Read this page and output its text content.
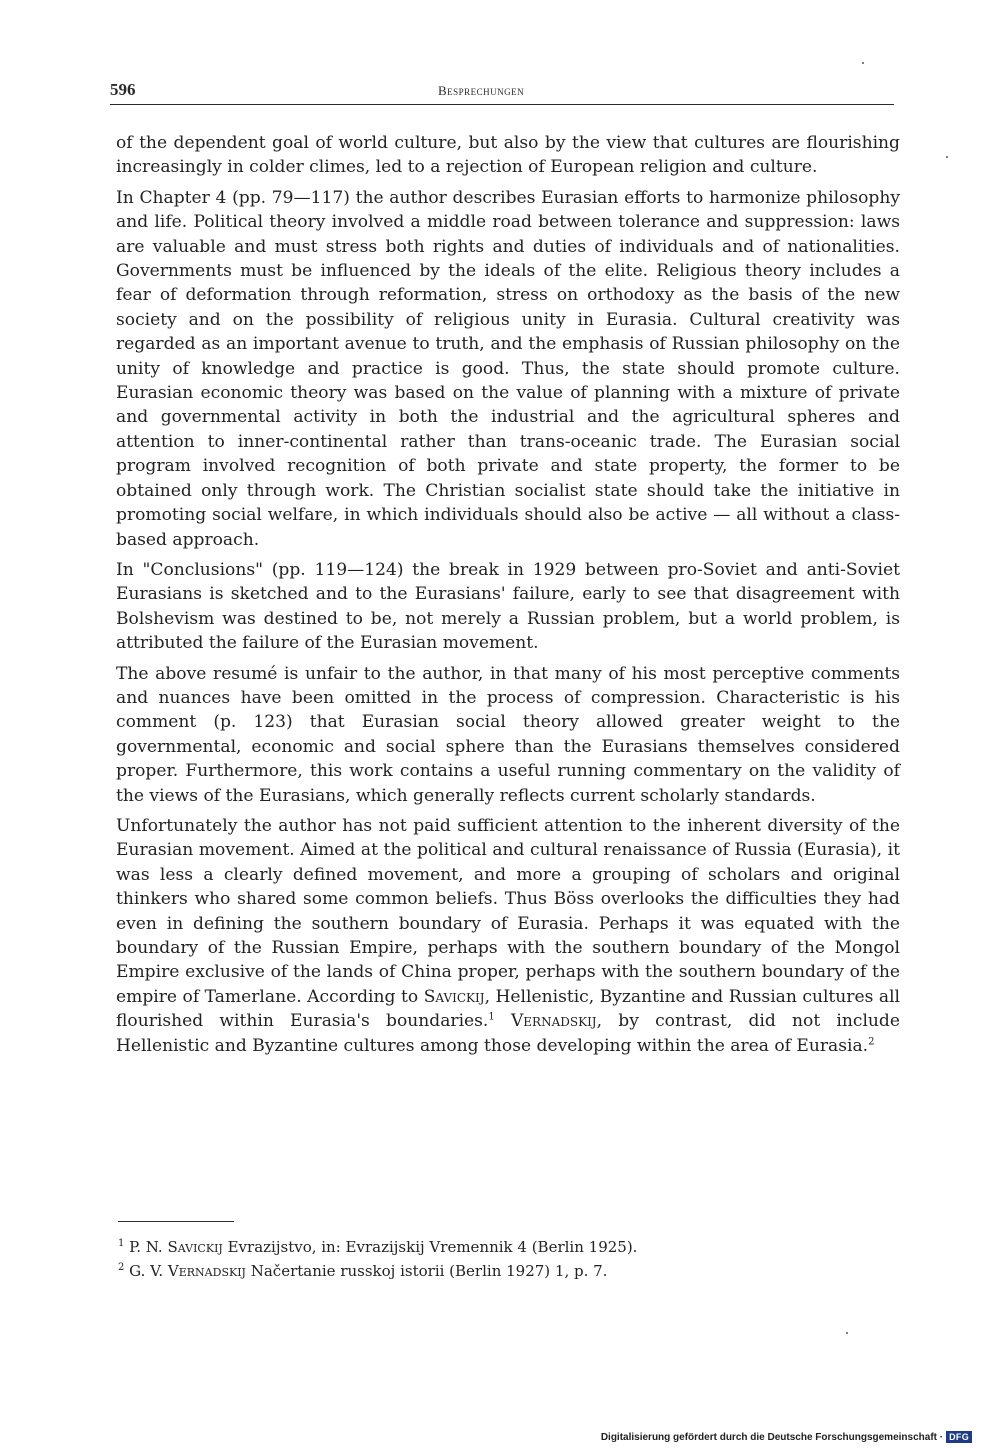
596	Besprechungen

of the dependent goal of world culture, but also by the view that cultures are flourishing increasingly in colder climes, led to a rejection of European religion and culture.

In Chapter 4 (pp. 79—117) the author describes Eurasian efforts to harmonize philosophy and life. Political theory involved a middle road between tolerance and suppression: laws are valuable and must stress both rights and duties of individuals and of nationalities. Governments must be influenced by the ideals of the elite. Religious theory includes a fear of deformation through reformation, stress on orthodoxy as the basis of the new society and on the possibility of religious unity in Eurasia. Cultural creativity was regarded as an important avenue to truth, and the emphasis of Russian philosophy on the unity of knowledge and practice is good. Thus, the state should promote culture. Eurasian economic theory was based on the value of planning with a mixture of private and governmental activity in both the industrial and the agricultural spheres and attention to inner-continental rather than trans-oceanic trade. The Eurasian social program involved recognition of both private and state property, the former to be obtained only through work. The Christian socialist state should take the initiative in promoting social welfare, in which individuals should also be active — all without a class-based approach.

In "Conclusions" (pp. 119—124) the break in 1929 between pro-Soviet and anti-Soviet Eurasians is sketched and to the Eurasians' failure, early to see that disagreement with Bolshevism was destined to be, not merely a Russian problem, but a world problem, is attributed the failure of the Eurasian movement.

The above resumé is unfair to the author, in that many of his most perceptive comments and nuances have been omitted in the process of compression. Characteristic is his comment (p. 123) that Eurasian social theory allowed greater weight to the governmental, economic and social sphere than the Eurasians themselves considered proper. Furthermore, this work contains a useful running commentary on the validity of the views of the Eurasians, which generally reflects current scholarly standards.

Unfortunately the author has not paid sufficient attention to the inherent diversity of the Eurasian movement. Aimed at the political and cultural renaissance of Russia (Eurasia), it was less a clearly defined movement, and more a grouping of scholars and original thinkers who shared some common beliefs. Thus Böss overlooks the difficulties they had even in defining the southern boundary of Eurasia. Perhaps it was equated with the boundary of the Russian Empire, perhaps with the southern boundary of the Mongol Empire exclusive of the lands of China proper, perhaps with the southern boundary of the empire of Tamerlane. According to Savickij, Hellenistic, Byzantine and Russian cultures all flourished within Eurasia's boundaries.$^1$ Vernadskij, by contrast, did not include Hellenistic and Byzantine cultures among those developing within the area of Eurasia.$^2$

$^1$ P. N. Savickij Evrazijstvo, in: Evrazijskij Vremennik 4 (Berlin 1925).

$^2$ G. V. Vernadskij Načertanie russkoj istorii (Berlin 1927) 1, p. 7.

Digitalisierung gefördert durch die Deutsche Forschungsgemeinschaft · DFG
